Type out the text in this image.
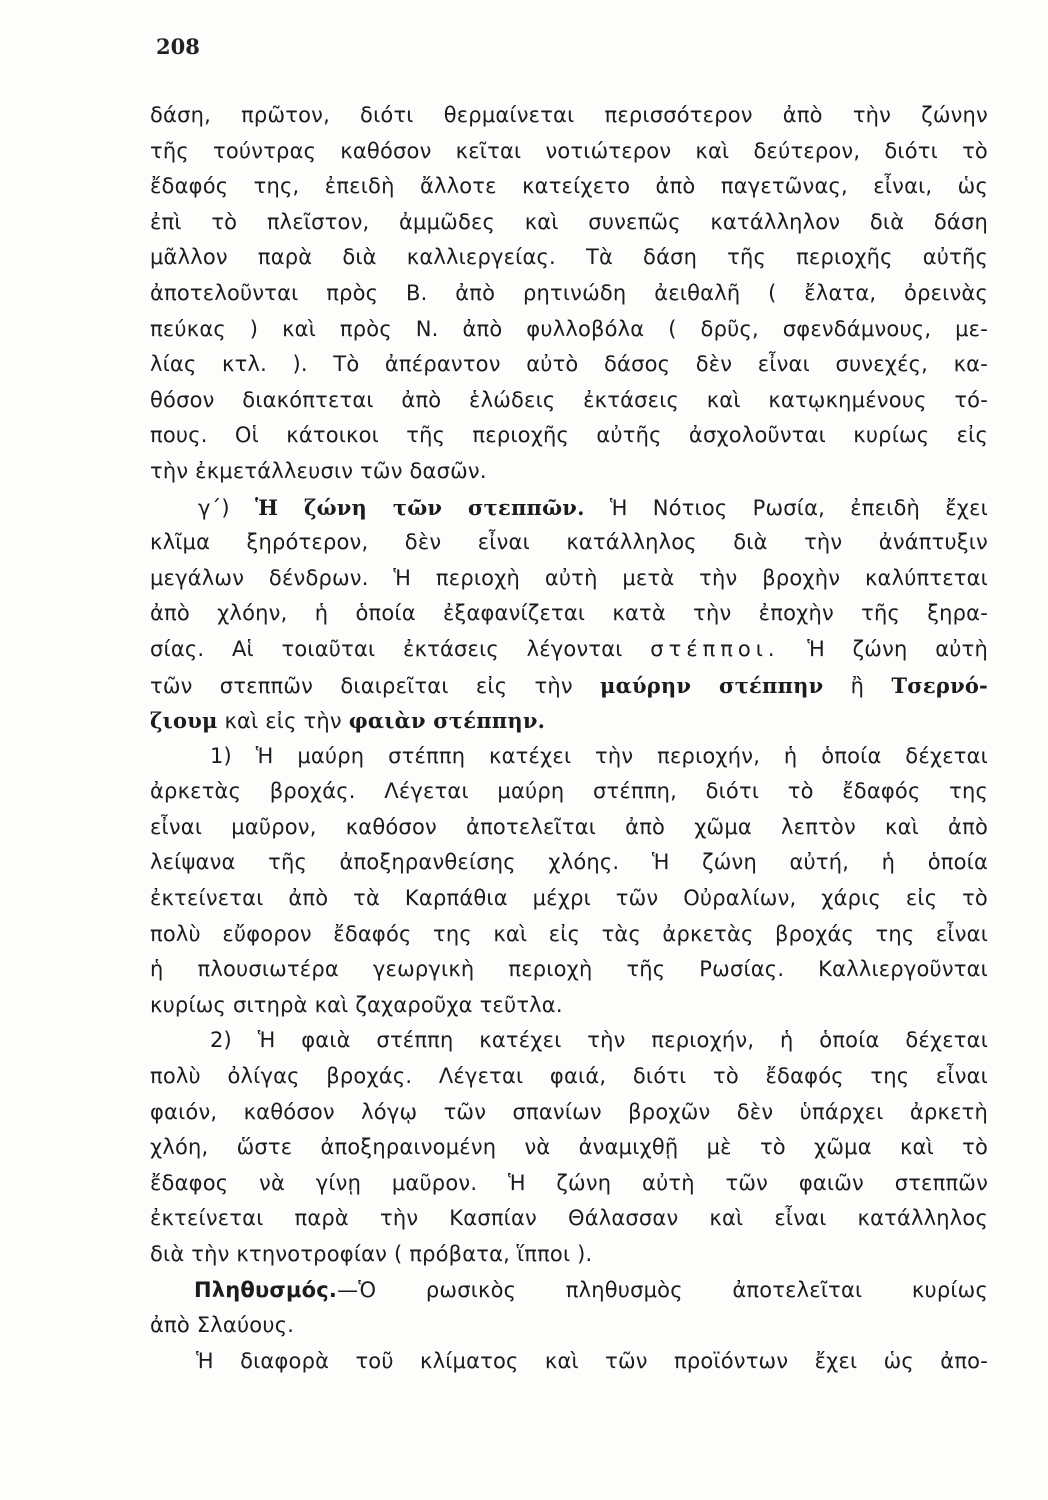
208
δάση, πρῶτον, διότι θερμαίνεται περισσότερον ἀπὸ τὴν ζώνην
τῆς τούντρας καθόσον κεῖται νοτιώτερον καὶ δεύτερον, διότι τὸ
ἔδαφός της, ἐπειδὴ ἄλλοτε κατείχετο ἀπὸ παγετῶνας, εἶναι, ὡς
ἐπὶ τὸ πλεῖστον, ἀμμῶδες καὶ συνεπῶς κατάλληλον διὰ δάση
μᾶλλον παρὰ διὰ καλλιεργείας. Τὰ δάση τῆς περιοχῆς αὐτῆς
ἀποτελοῦνται πρὸς Β. ἀπὸ ρητινώδη ἀειθαλῆ ( ἔλατα, ὀρεινὰς
πεύκας ) καὶ πρὸς Ν. ἀπὸ φυλλοβόλα ( δρῦς, σφενδάμνους, με-
λίας κτλ. ). Τὸ ἀπέραντον αὐτὸ δάσος δὲν εἶναι συνεχές, κα-
θόσον διακόπτεται ἀπὸ ἑλώδεις ἐκτάσεις καὶ κατῳκημένους τό-
πους. Οἱ κάτοικοι τῆς περιοχῆς αὐτῆς ἀσχολοῦνται κυρίως εἰς
τὴν ἐκμετάλλευσιν τῶν δασῶν.
γ΄) Ἡ ζώνη τῶν στεππῶν. Ἡ Νότιος Ρωσία, ἐπειδὴ ἔχει
κλῖμα ξηρότερον, δὲν εἶναι κατάλληλος διὰ τὴν ἀνάπτυξιν
μεγάλων δένδρων. Ἡ περιοχὴ αὐτὴ μετὰ τὴν βροχὴν καλύπτεται
ἀπὸ χλόην, ἡ ὁποία ἐξαφανίζεται κατὰ τὴν ἐποχὴν τῆς ξηρα-
σίας. Αἱ τοιαῦται ἐκτάσεις λέγονται στέπποι. Ἡ ζώνη αὐτὴ
τῶν στεππῶν διαιρεῖται εἰς τὴν μαύρην στέππην ἢ Τσερνό-
ζιουμ καὶ εἰς τὴν φαιὰν στέππην.
1) Ἡ μαύρη στέππη κατέχει τὴν περιοχήν, ἡ ὁποία δέχεται
ἀρκετὰς βροχάς. Λέγεται μαύρη στέππη, διότι τὸ ἔδαφός της
εἶναι μαῦρον, καθόσον ἀποτελεῖται ἀπὸ χῶμα λεπτὸν καὶ ἀπὸ
λείψανα τῆς ἀποξηρανθείσης χλόης. Ἡ ζώνη αὐτή, ἡ ὁποία
ἐκτείνεται ἀπὸ τὰ Καρπάθια μέχρι τῶν Οὐραλίων, χάρις εἰς τὸ
πολὺ εὔφορον ἔδαφός της καὶ εἰς τὰς ἀρκετὰς βροχάς της εἶναι
ἡ πλουσιωτέρα γεωργικὴ περιοχὴ τῆς Ρωσίας. Καλλιεργοῦνται
κυρίως σιτηρὰ καὶ ζαχαροῦχα τεῦτλα.
2) Ἡ φαιὰ στέππη κατέχει τὴν περιοχήν, ἡ ὁποία δέχεται
πολὺ ὀλίγας βροχάς. Λέγεται φαιά, διότι τὸ ἔδαφός της εἶναι
φαιόν, καθόσον λόγῳ τῶν σπανίων βροχῶν δὲν ὑπάρχει ἀρκετὴ
χλόη, ὥστε ἀποξηραινομένη νὰ ἀναμιχθῇ μὲ τὸ χῶμα καὶ τὸ
ἔδαφος νὰ γίνῃ μαῦρον. Ἡ ζώνη αὐτὴ τῶν φαιῶν στεππῶν
ἐκτείνεται παρὰ τὴν Κασπίαν Θάλασσαν καὶ εἶναι κατάλληλος
διὰ τὴν κτηνοτροφίαν ( πρόβατα, ἵπποι ).
Πληθυσμός.—Ὁ ρωσικὸς πληθυσμὸς ἀποτελεῖται κυρίως
ἀπὸ Σλαύους.
Ἡ διαφορὰ τοῦ κλίματος καὶ τῶν προϊόντων ἔχει ὡς ἀπο-
